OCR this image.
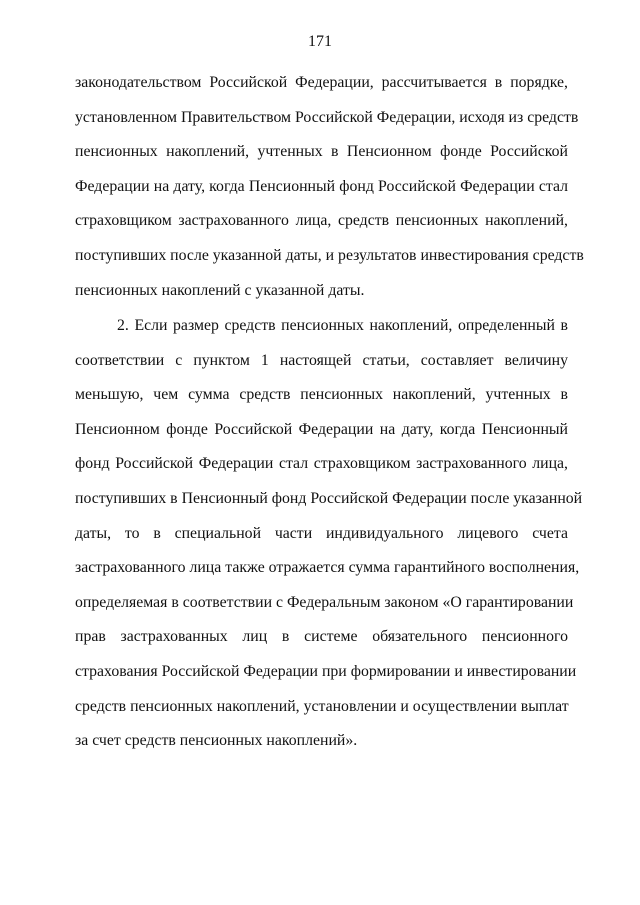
171
законодательством Российской Федерации, рассчитывается в порядке,
установленном Правительством Российской Федерации, исходя из средств
пенсионных накоплений, учтенных в Пенсионном фонде Российской
Федерации на дату, когда Пенсионный фонд Российской Федерации стал
страховщиком застрахованного лица, средств пенсионных накоплений,
поступивших после указанной даты, и результатов инвестирования средств
пенсионных накоплений с указанной даты.
2. Если размер средств пенсионных накоплений, определенный в
соответствии с пунктом 1 настоящей статьи, составляет величину
меньшую, чем сумма средств пенсионных накоплений, учтенных в
Пенсионном фонде Российской Федерации на дату, когда Пенсионный
фонд Российской Федерации стал страховщиком застрахованного лица,
поступивших в Пенсионный фонд Российской Федерации после указанной
даты, то в специальной части индивидуального лицевого счета
застрахованного лица также отражается сумма гарантийного восполнения,
определяемая в соответствии с Федеральным законом «О гарантировании
прав застрахованных лиц в системе обязательного пенсионного
страхования Российской Федерации при формировании и инвестировании
средств пенсионных накоплений, установлении и осуществлении выплат
за счет средств пенсионных накоплений».
